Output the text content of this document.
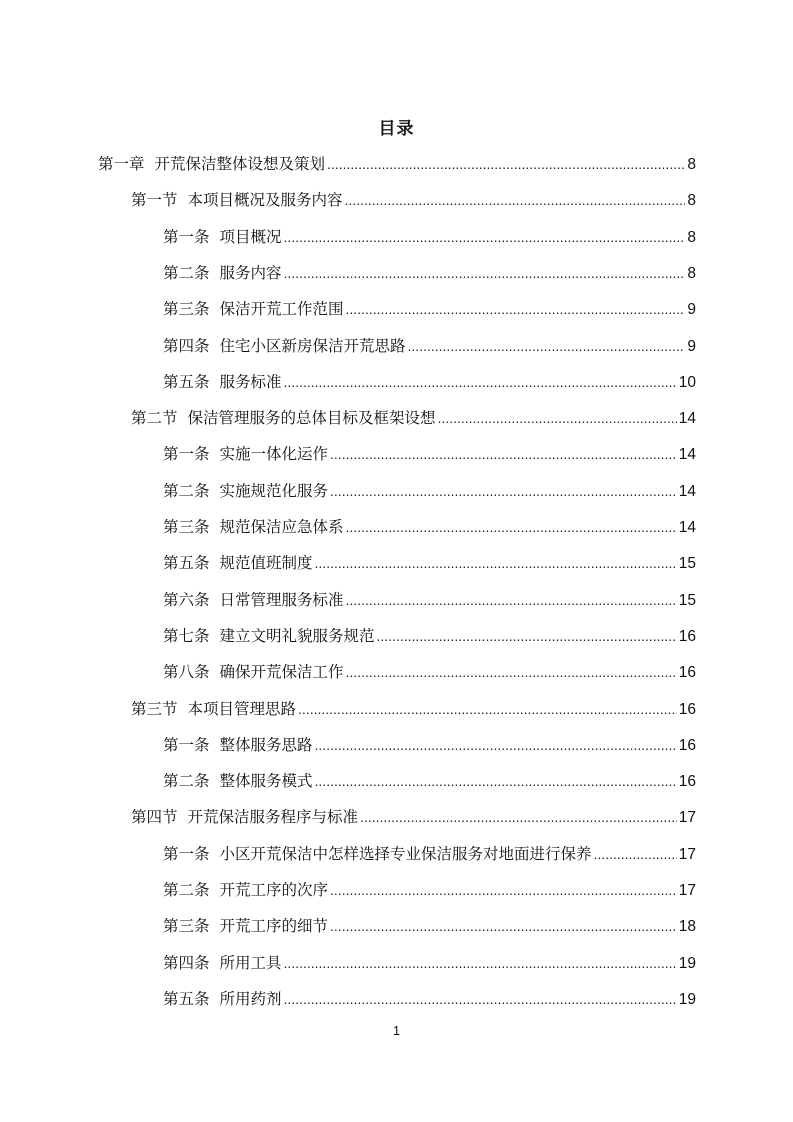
目录
第一章 开荒保洁整体设想及策划 .....	8
第一节 本项目概况及服务内容 .....	8
第一条 项目概况 .....	8
第二条 服务内容 .....	8
第三条 保洁开荒工作范围 .....	9
第四条 住宅小区新房保洁开荒思路 .....	9
第五条 服务标准 .....	10
第二节 保洁管理服务的总体目标及框架设想 .....	14
第一条 实施一体化运作 .....	14
第二条 实施规范化服务 .....	14
第三条 规范保洁应急体系 .....	14
第五条 规范值班制度 .....	15
第六条 日常管理服务标准 .....	15
第七条 建立文明礼貌服务规范 .....	16
第八条 确保开荒保洁工作 .....	16
第三节 本项目管理思路 .....	16
第一条 整体服务思路 .....	16
第二条 整体服务模式 .....	16
第四节 开荒保洁服务程序与标准 .....	17
第一条 小区开荒保洁中怎样选择专业保洁服务对地面进行保养 .....	17
第二条 开荒工序的次序 .....	17
第三条 开荒工序的细节 .....	18
第四条 所用工具 .....	19
第五条 所用药剂 .....	19
1
